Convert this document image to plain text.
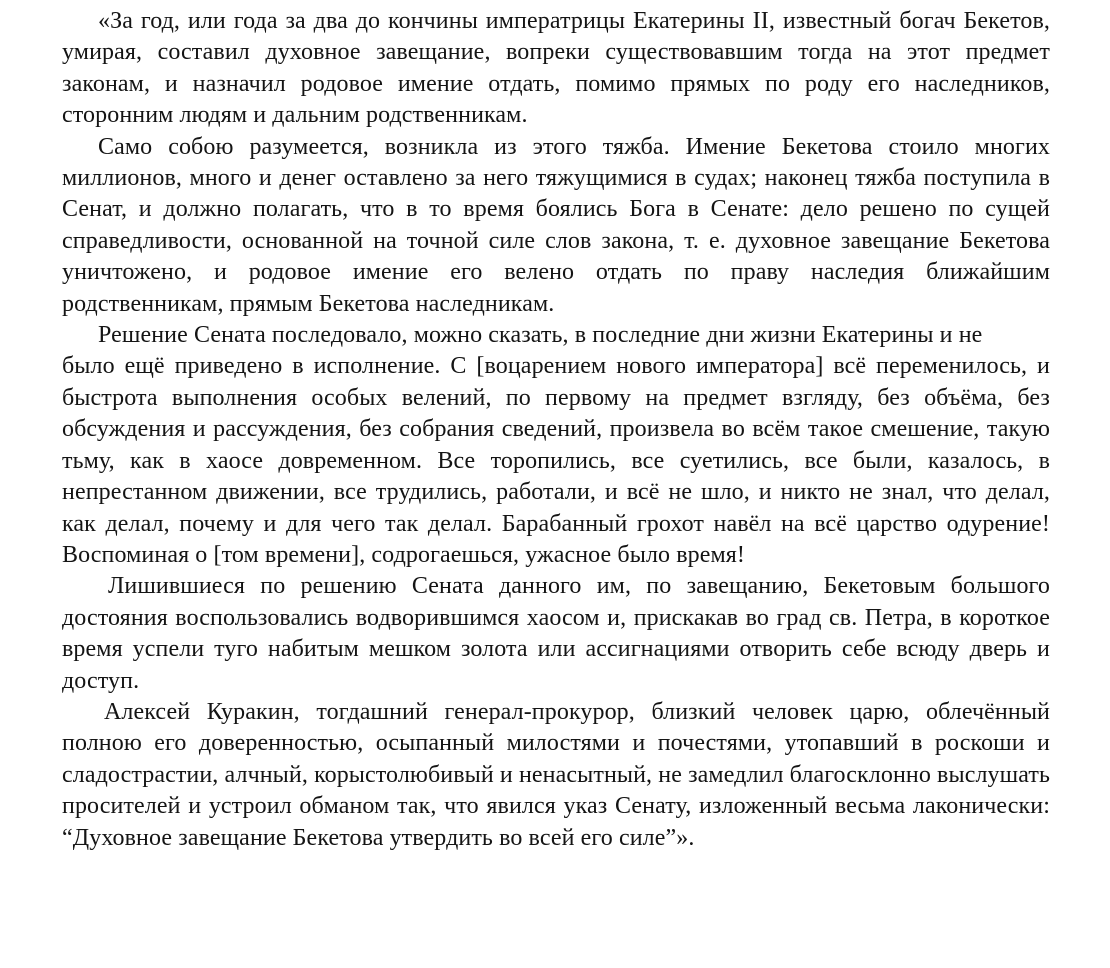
«За год, или года за два до кончины императрицы Екатерины II, известный богач Бекетов, умирая, составил духовное завещание, вопреки существовавшим тогда на этот предмет законам, и назначил родовое имение отдать, помимо прямых по роду его наследников, сторонним людям и дальним родственникам.

Само собою разумеется, возникла из этого тяжба. Имение Бекетова стоило многих миллионов, много и денег оставлено за него тяжущимися в судах; наконец тяжба поступила в Сенат, и должно полагать, что в то время боялись Бога в Сенате: дело решено по сущей справедливости, основанной на точной силе слов закона, т. е. духовное завещание Бекетова уничтожено, и родовое имение его велено отдать по праву наследия ближайшим родственникам, прямым Бекетова наследникам.

Решение Сената последовало, можно сказать, в последние дни жизни Екатерины и не

было ещё приведено в исполнение. С [воцарением нового императора] всё переменилось, и быстрота выполнения особых велений, по первому на предмет взгляду, без объёма, без обсуждения и рассуждения, без собрания сведений, произвела во всём такое смешение, такую тьму, как в хаосе довременном. Все торопились, все суетились, все были, казалось, в непрестанном движении, все трудились, работали, и всё не шло, и никто не знал, что делал, как делал, почему и для чего так делал. Барабанный грохот навёл на всё царство одурение! Воспоминая о [том времени], содрогаешься, ужасное было время!

Лишившиеся по решению Сената данного им, по завещанию, Бекетовым большого достояния воспользовались водворившимся хаосом и, прискакав во град св. Петра, в короткое время успели туго набитым мешком золота или ассигнациями отворить себе всюду дверь и доступ.

Алексей Куракин, тогдашний генерал-прокурор, близкий человек царю, облечённый полною его доверенностью, осыпанный милостями и почестями, утопавший в роскоши и сладострастии, алчный, корыстолюбивый и ненасытный, не замедлил благосклонно выслушать просителей и устроил обманом так, что явился указ Сенату, изложенный весьма лаконически: “Духовное завещание Бекетова утвердить во всей его силе”».
